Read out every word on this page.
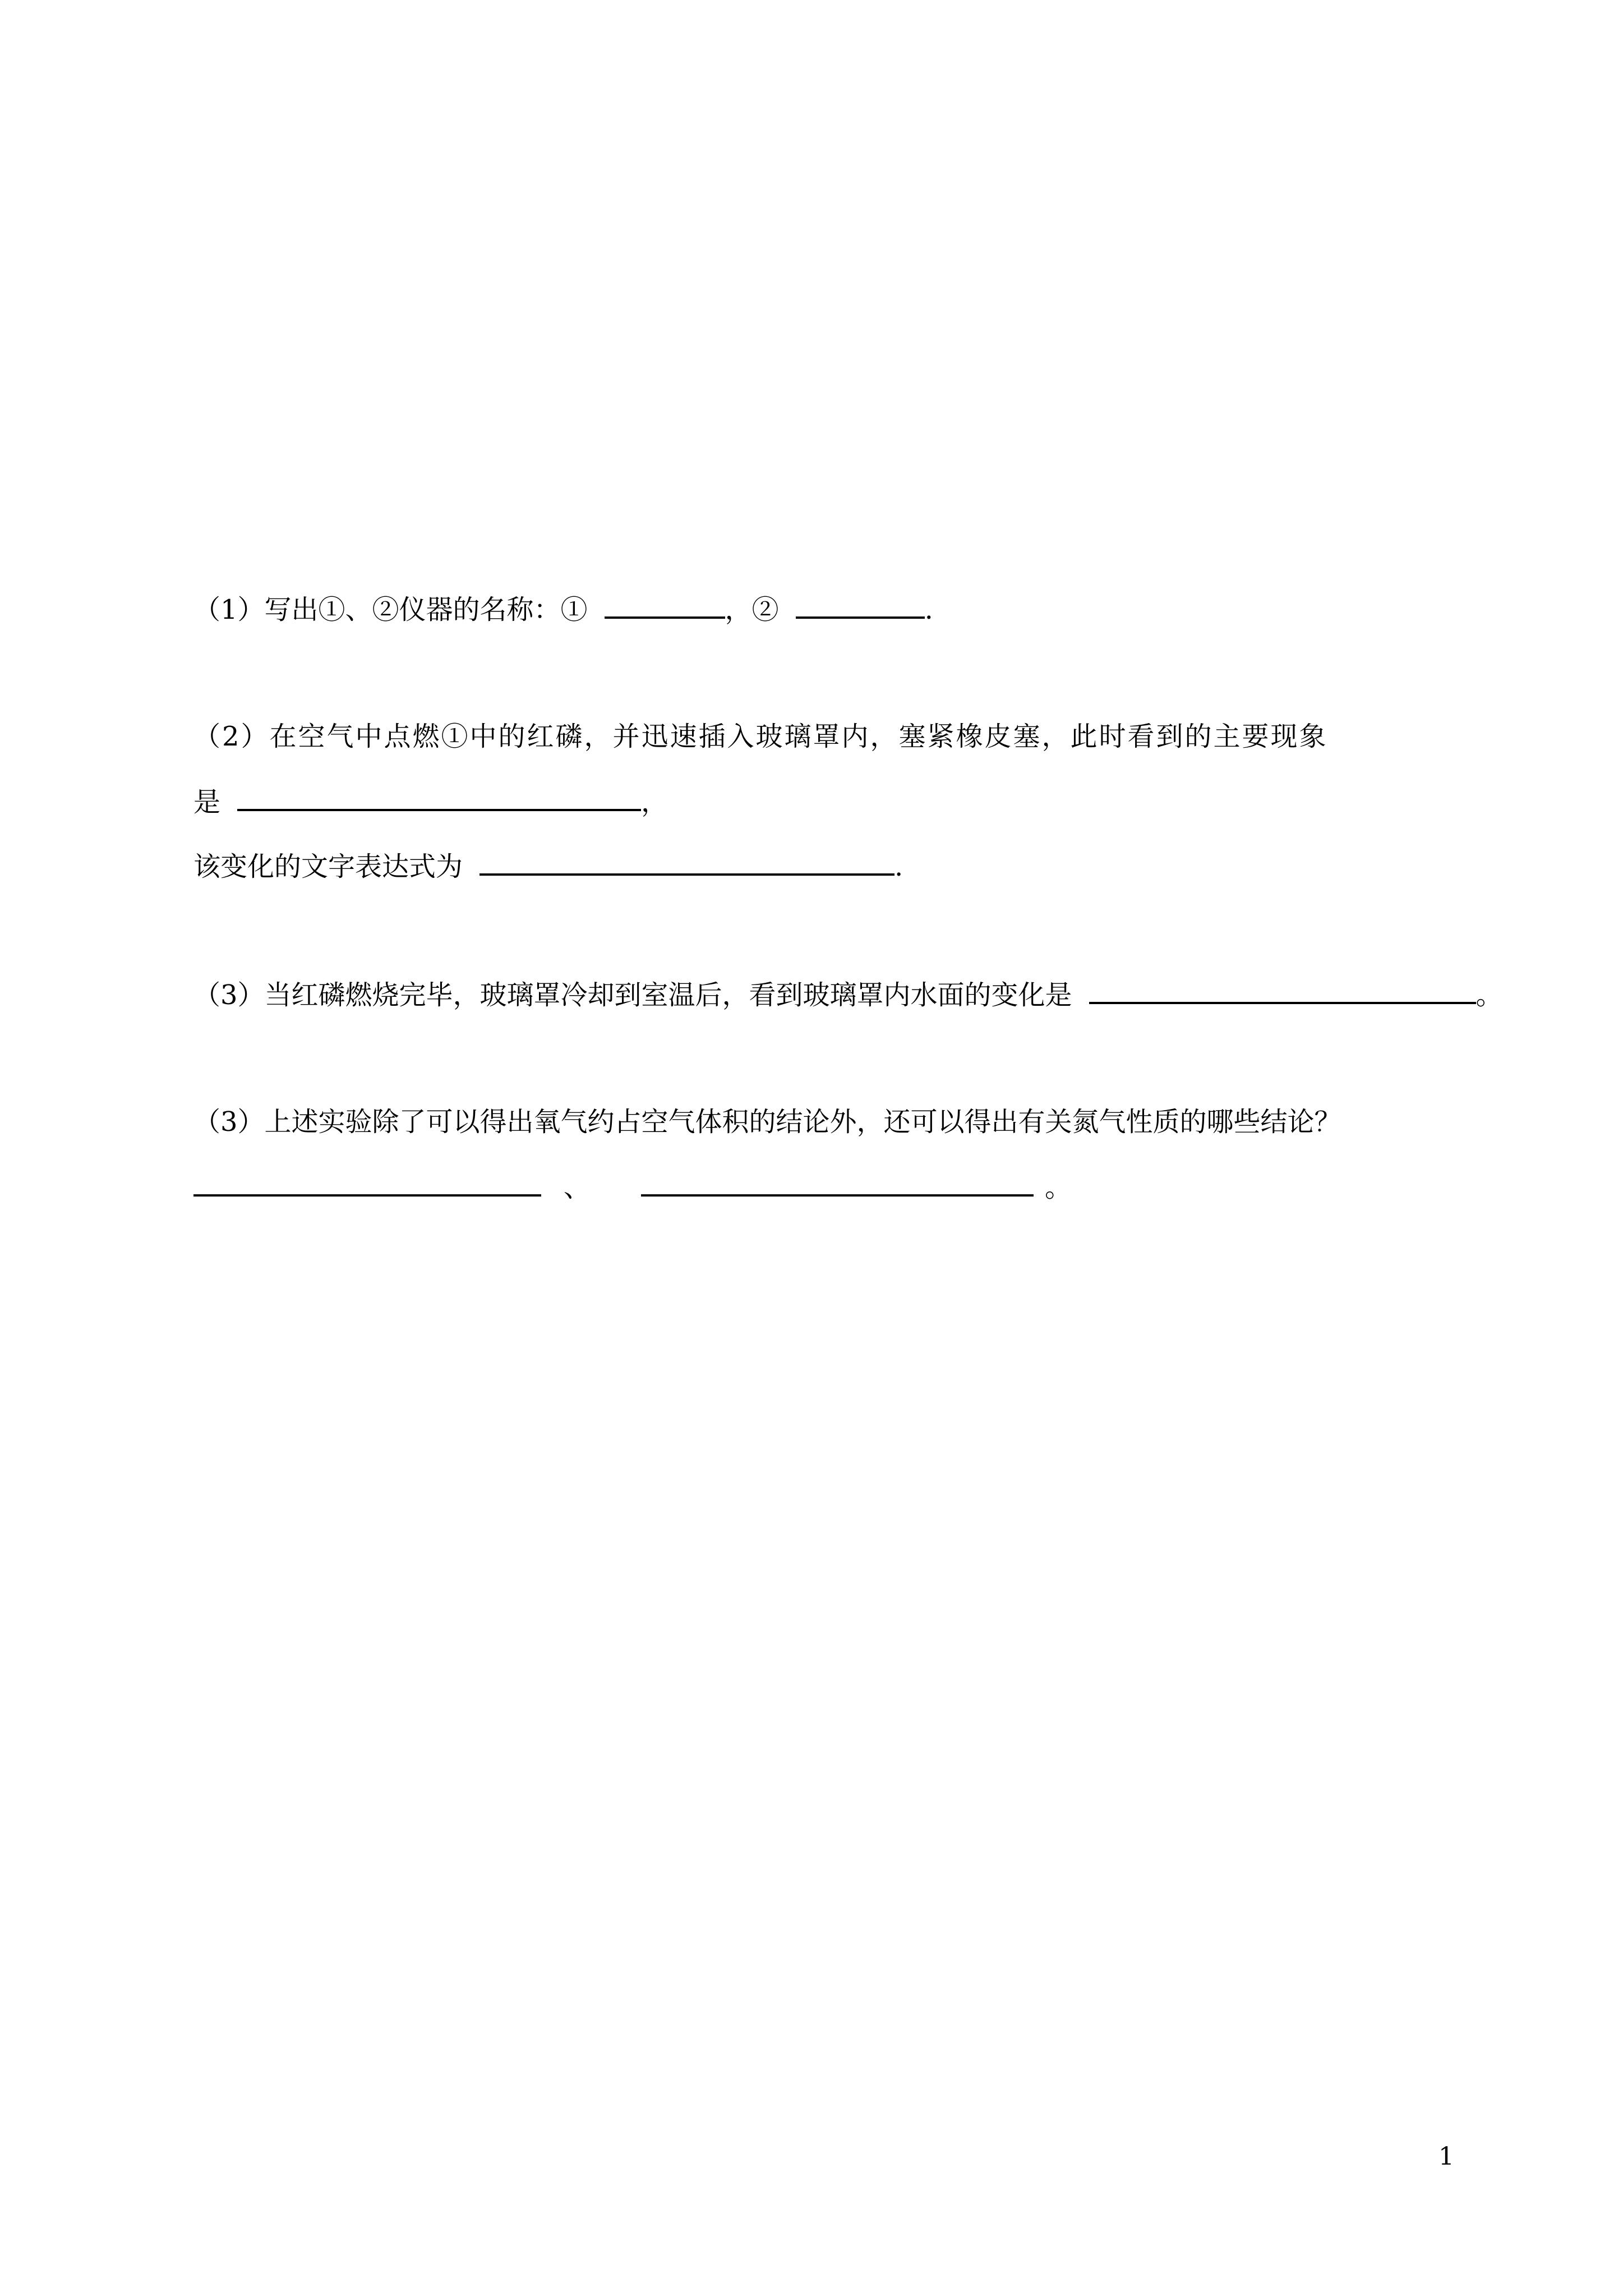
（1）写出①、②仪器的名称：①	，②	.
（2）在空气中点燃①中的红磷，并迅速插入玻璃罩内，塞紧橡皮塞，此时看到的主要现象
是	，
该变化的文字表达式为	.
（3）当红磷燃烧完毕，玻璃罩冷却到室温后，看到玻璃罩内水面的变化是	。
（3）上述实验除了可以得出氧气约占空气体积的结论外，还可以得出有关氮气性质的哪些结论？
、	。
1
